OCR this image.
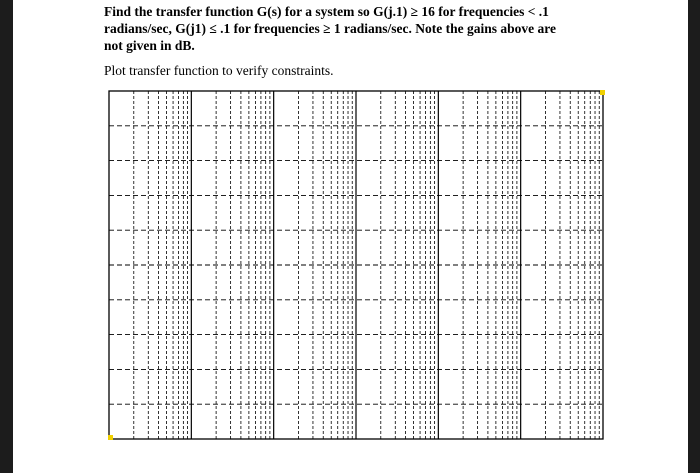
Find the transfer function G(s) for a system so G(j.1) ≥ 16 for frequencies < .1 radians/sec, G(j1) ≤ .1 for frequencies ≥ 1 radians/sec. Note the gains above are not given in dB.
Plot transfer function to verify constraints.
